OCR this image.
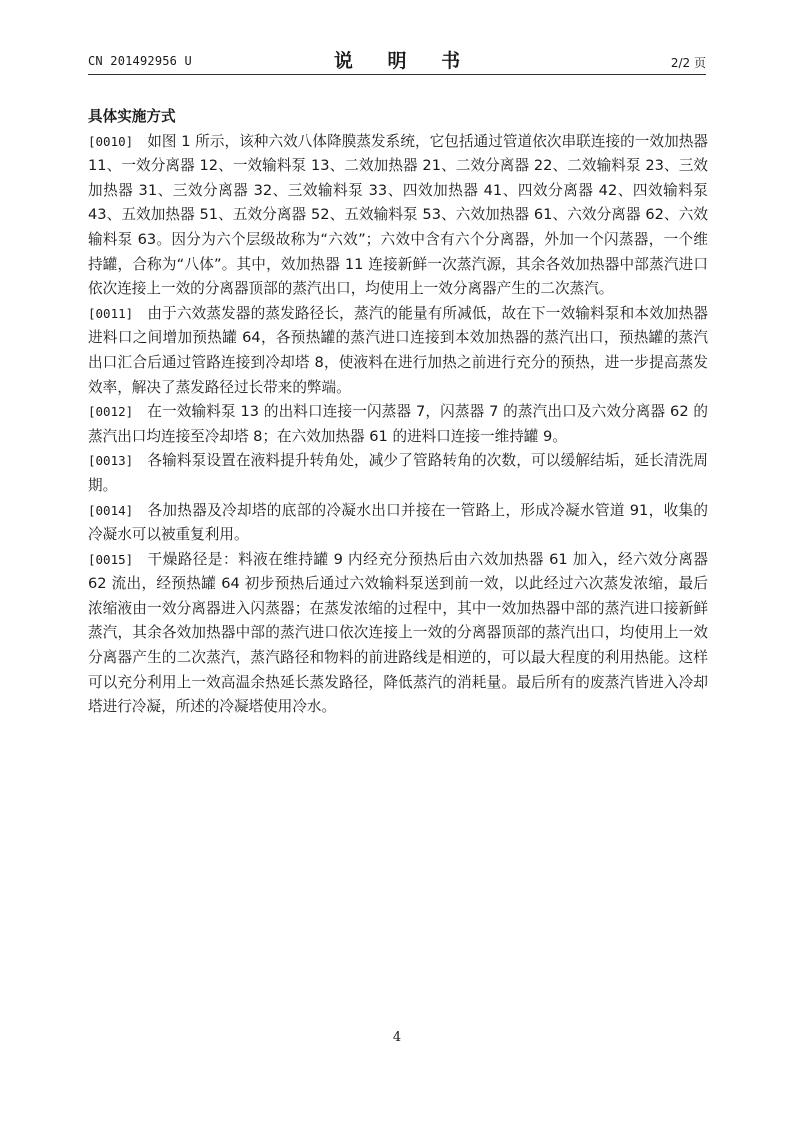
CN 201492956 U	说 明 书	2/2 页

具体实施方式

[0010] 如图 1 所示，该种六效八体降膜蒸发系统，它包括通过管道依次串联连接的一效加热器 11、一效分离器 12、一效输料泵 13、二效加热器 21、二效分离器 22、二效输料泵 23、三效加热器 31、三效分离器 32、三效输料泵 33、四效加热器 41、四效分离器 42、四效输料泵 43、五效加热器 51、五效分离器 52、五效输料泵 53、六效加热器 61、六效分离器 62、六效输料泵 63。因分为六个层级故称为“六效”；六效中含有六个分离器，外加一个闪蒸器，一个维持罐，合称为“八体”。其中，效加热器 11 连接新鲜一次蒸汽源，其余各效加热器中部蒸汽进口依次连接上一效的分离器顶部的蒸汽出口，均使用上一效分离器产生的二次蒸汽。

[0011] 由于六效蒸发器的蒸发路径长，蒸汽的能量有所减低，故在下一效输料泵和本效加热器进料口之间增加预热罐 64，各预热罐的蒸汽进口连接到本效加热器的蒸汽出口，预热罐的蒸汽出口汇合后通过管路连接到冷却塔 8，使液料在进行加热之前进行充分的预热，进一步提高蒸发效率，解决了蒸发路径过长带来的弊端。

[0012] 在一效输料泵 13 的出料口连接一闪蒸器 7，闪蒸器 7 的蒸汽出口及六效分离器 62 的蒸汽出口均连接至冷却塔 8；在六效加热器 61 的进料口连接一维持罐 9。

[0013] 各输料泵设置在液料提升转角处，减少了管路转角的次数，可以缓解结垢，延长清洗周期。

[0014] 各加热器及冷却塔的底部的冷凝水出口并接在一管路上，形成冷凝水管道 91，收集的冷凝水可以被重复利用。

[0015] 干燥路径是：料液在维持罐 9 内经充分预热后由六效加热器 61 加入，经六效分离器 62 流出，经预热罐 64 初步预热后通过六效输料泵送到前一效，以此经过六次蒸发浓缩，最后浓缩液由一效分离器进入闪蒸器；在蒸发浓缩的过程中，其中一效加热器中部的蒸汽进口接新鲜蒸汽，其余各效加热器中部的蒸汽进口依次连接上一效的分离器顶部的蒸汽出口，均使用上一效分离器产生的二次蒸汽，蒸汽路径和物料的前进路线是相逆的，可以最大程度的利用热能。这样可以充分利用上一效高温余热延长蒸发路径，降低蒸汽的消耗量。最后所有的废蒸汽皆进入冷却塔进行冷凝，所述的冷凝塔使用冷水。

4
